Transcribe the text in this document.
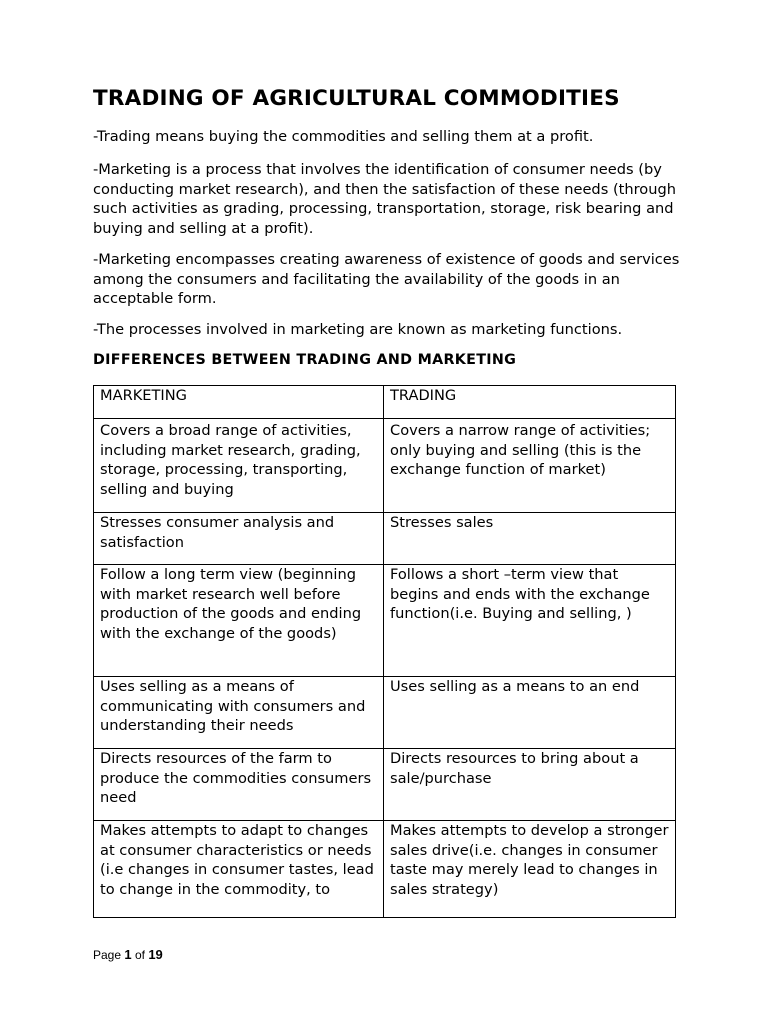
TRADING OF AGRICULTURAL COMMODITIES

-Trading means buying the commodities and selling them at a profit.

-Marketing is a process that involves the identification of consumer needs (by conducting market research), and then the satisfaction of these needs (through such activities as grading, processing, transportation, storage, risk bearing and buying and selling at a profit).

-Marketing encompasses creating awareness of existence of goods and services among the consumers and facilitating the availability of the goods in an acceptable form.

-The processes involved in marketing are known as marketing functions.

DIFFERENCES BETWEEN TRADING AND MARKETING
MARKETING	TRADING
Covers a broad range of activities, including market research, grading, storage, processing, transporting, selling and buying	Covers a narrow range of activities; only buying and selling (this is the exchange function of market)
Stresses consumer analysis and satisfaction	Stresses sales
Follow a long term view (beginning with market research well before production of the goods and ending with the exchange of the goods)	Follows a short –term view that begins and ends with the exchange function(i.e. Buying and selling, )
Uses selling as a means of communicating with consumers and understanding their needs	Uses selling as a means to an end
Directs resources of the farm to produce the commodities consumers need	Directs resources to bring about a sale/purchase

Makes attempts to adapt to changes at consumer characteristics or needs (i.e changes in consumer tastes, lead to change in the commodity, to	Makes attempts to develop a stronger sales drive(i.e. changes in consumer taste may merely lead to changes in sales strategy)
Page 1 of 19
